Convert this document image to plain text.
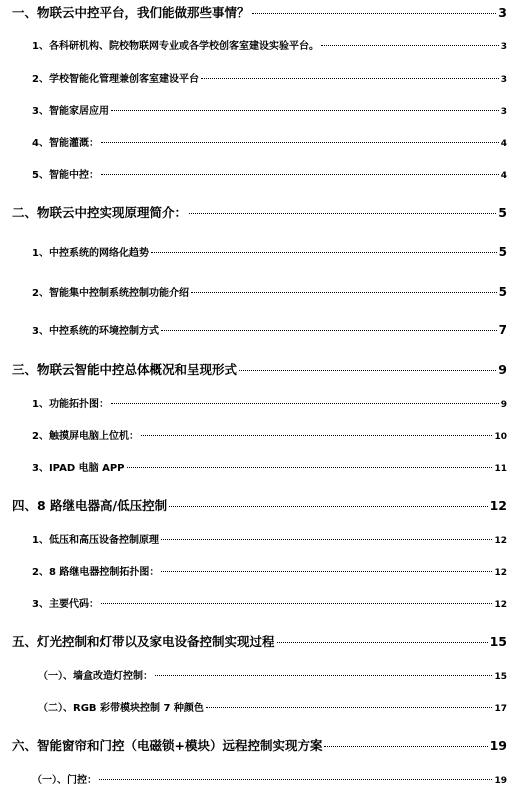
一、物联云中控平台，我们能做那些事情？	3
1、各科研机构、院校物联网专业或各学校创客室建设实验平台。	3
2、学校智能化管理兼创客室建设平台	3
3、智能家居应用	3
4、智能灌溉：	4
5、智能中控：	4
二、物联云中控实现原理简介：	5
1、中控系统的网络化趋势	5
2、智能集中控制系统控制功能介绍	5
3、中控系统的环境控制方式	7
三、物联云智能中控总体概况和呈现形式	9
1、功能拓扑图：	9
2、触摸屏电脑上位机：	10
3、IPAD 电脑 APP	11
四、8 路继电器高/低压控制	12
1、低压和高压设备控制原理	12
2、8 路继电器控制拓扑图：	12
3、主要代码：	12
五、灯光控制和灯带以及家电设备控制实现过程	15
（一）、墙盒改造灯控制：	15
（二）、RGB 彩带模块控制 7 种颜色	17
六、智能窗帘和门控（电磁锁+模块）远程控制实现方案	19
（一）、门控：	19
